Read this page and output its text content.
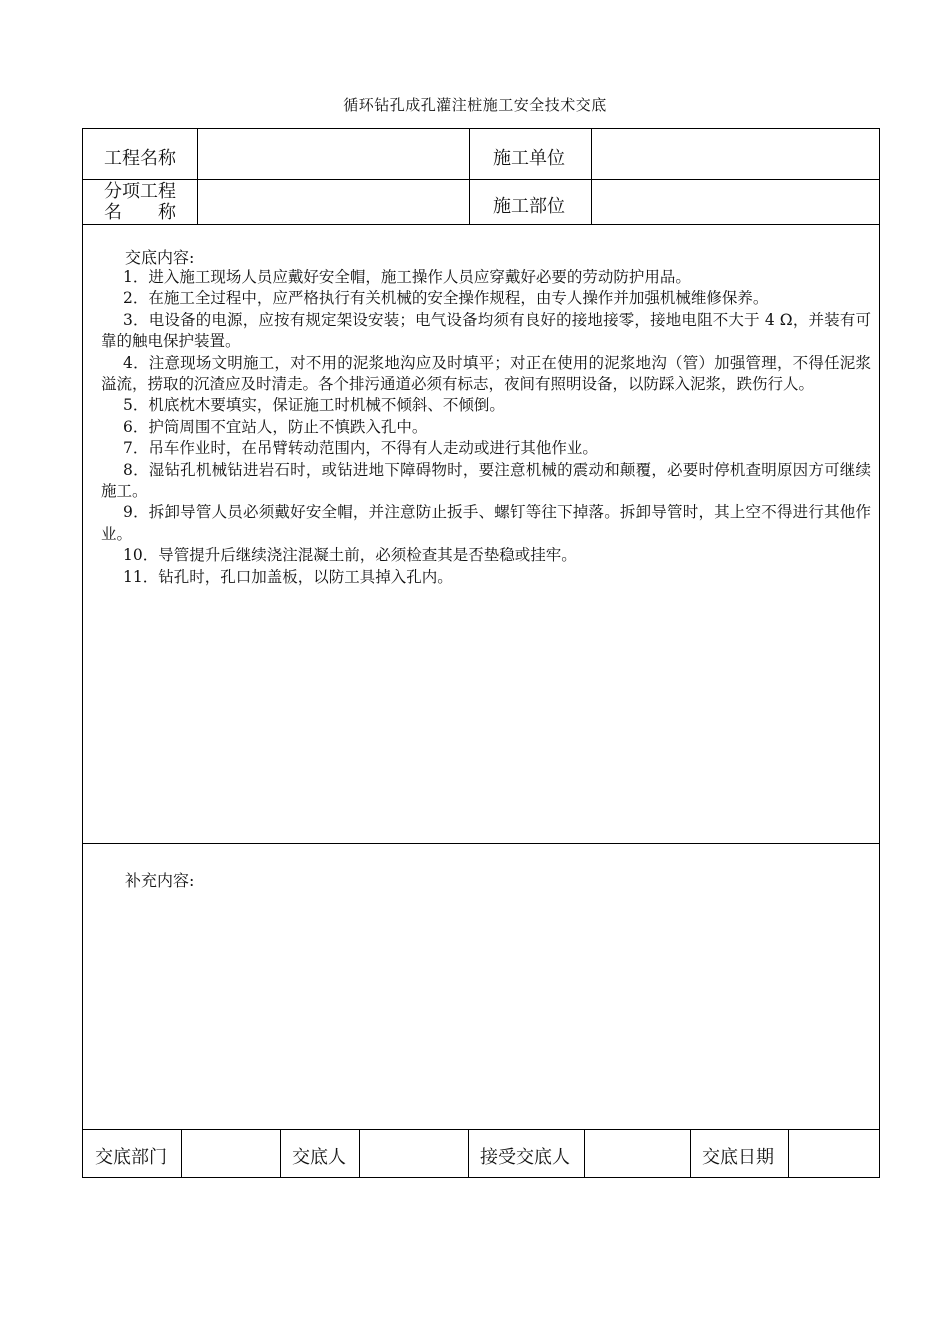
循环钻孔成孔灌注桩施工安全技术交底
工程名称	施工单位
分项工程
名　　称	施工部位
交底内容:

1．进入施工现场人员应戴好安全帽，施工操作人员应穿戴好必要的劳动防护用品。

2．在施工全过程中，应严格执行有关机械的安全操作规程，由专人操作并加强机械维修保养。

3．电设备的电源，应按有规定架设安装；电气设备均须有良好的接地接零，接地电阻不大于 4 Ω，并装有可靠的触电保护装置。

4．注意现场文明施工，对不用的泥浆地沟应及时填平；对正在使用的泥浆地沟（管）加强管理，不得任泥浆溢流，捞取的沉渣应及时清走。各个排污通道必须有标志，夜间有照明设备，以防踩入泥浆，跌伤行人。

5．机底枕木要填实，保证施工时机械不倾斜、不倾倒。

6．护筒周围不宜站人，防止不慎跌入孔中。

7．吊车作业时，在吊臂转动范围内，不得有人走动或进行其他作业。

8．湿钻孔机械钻进岩石时，或钻进地下障碍物时，要注意机械的震动和颠覆，必要时停机查明原因方可继续施工。

9．拆卸导管人员必须戴好安全帽，并注意防止扳手、螺钉等往下掉落。拆卸导管时，其上空不得进行其他作业。

10．导管提升后继续浇注混凝土前，必须检查其是否垫稳或挂牢。

11．钻孔时，孔口加盖板，以防工具掉入孔内。

补充内容:
交底部门	交底人	接受交底人	交底日期
